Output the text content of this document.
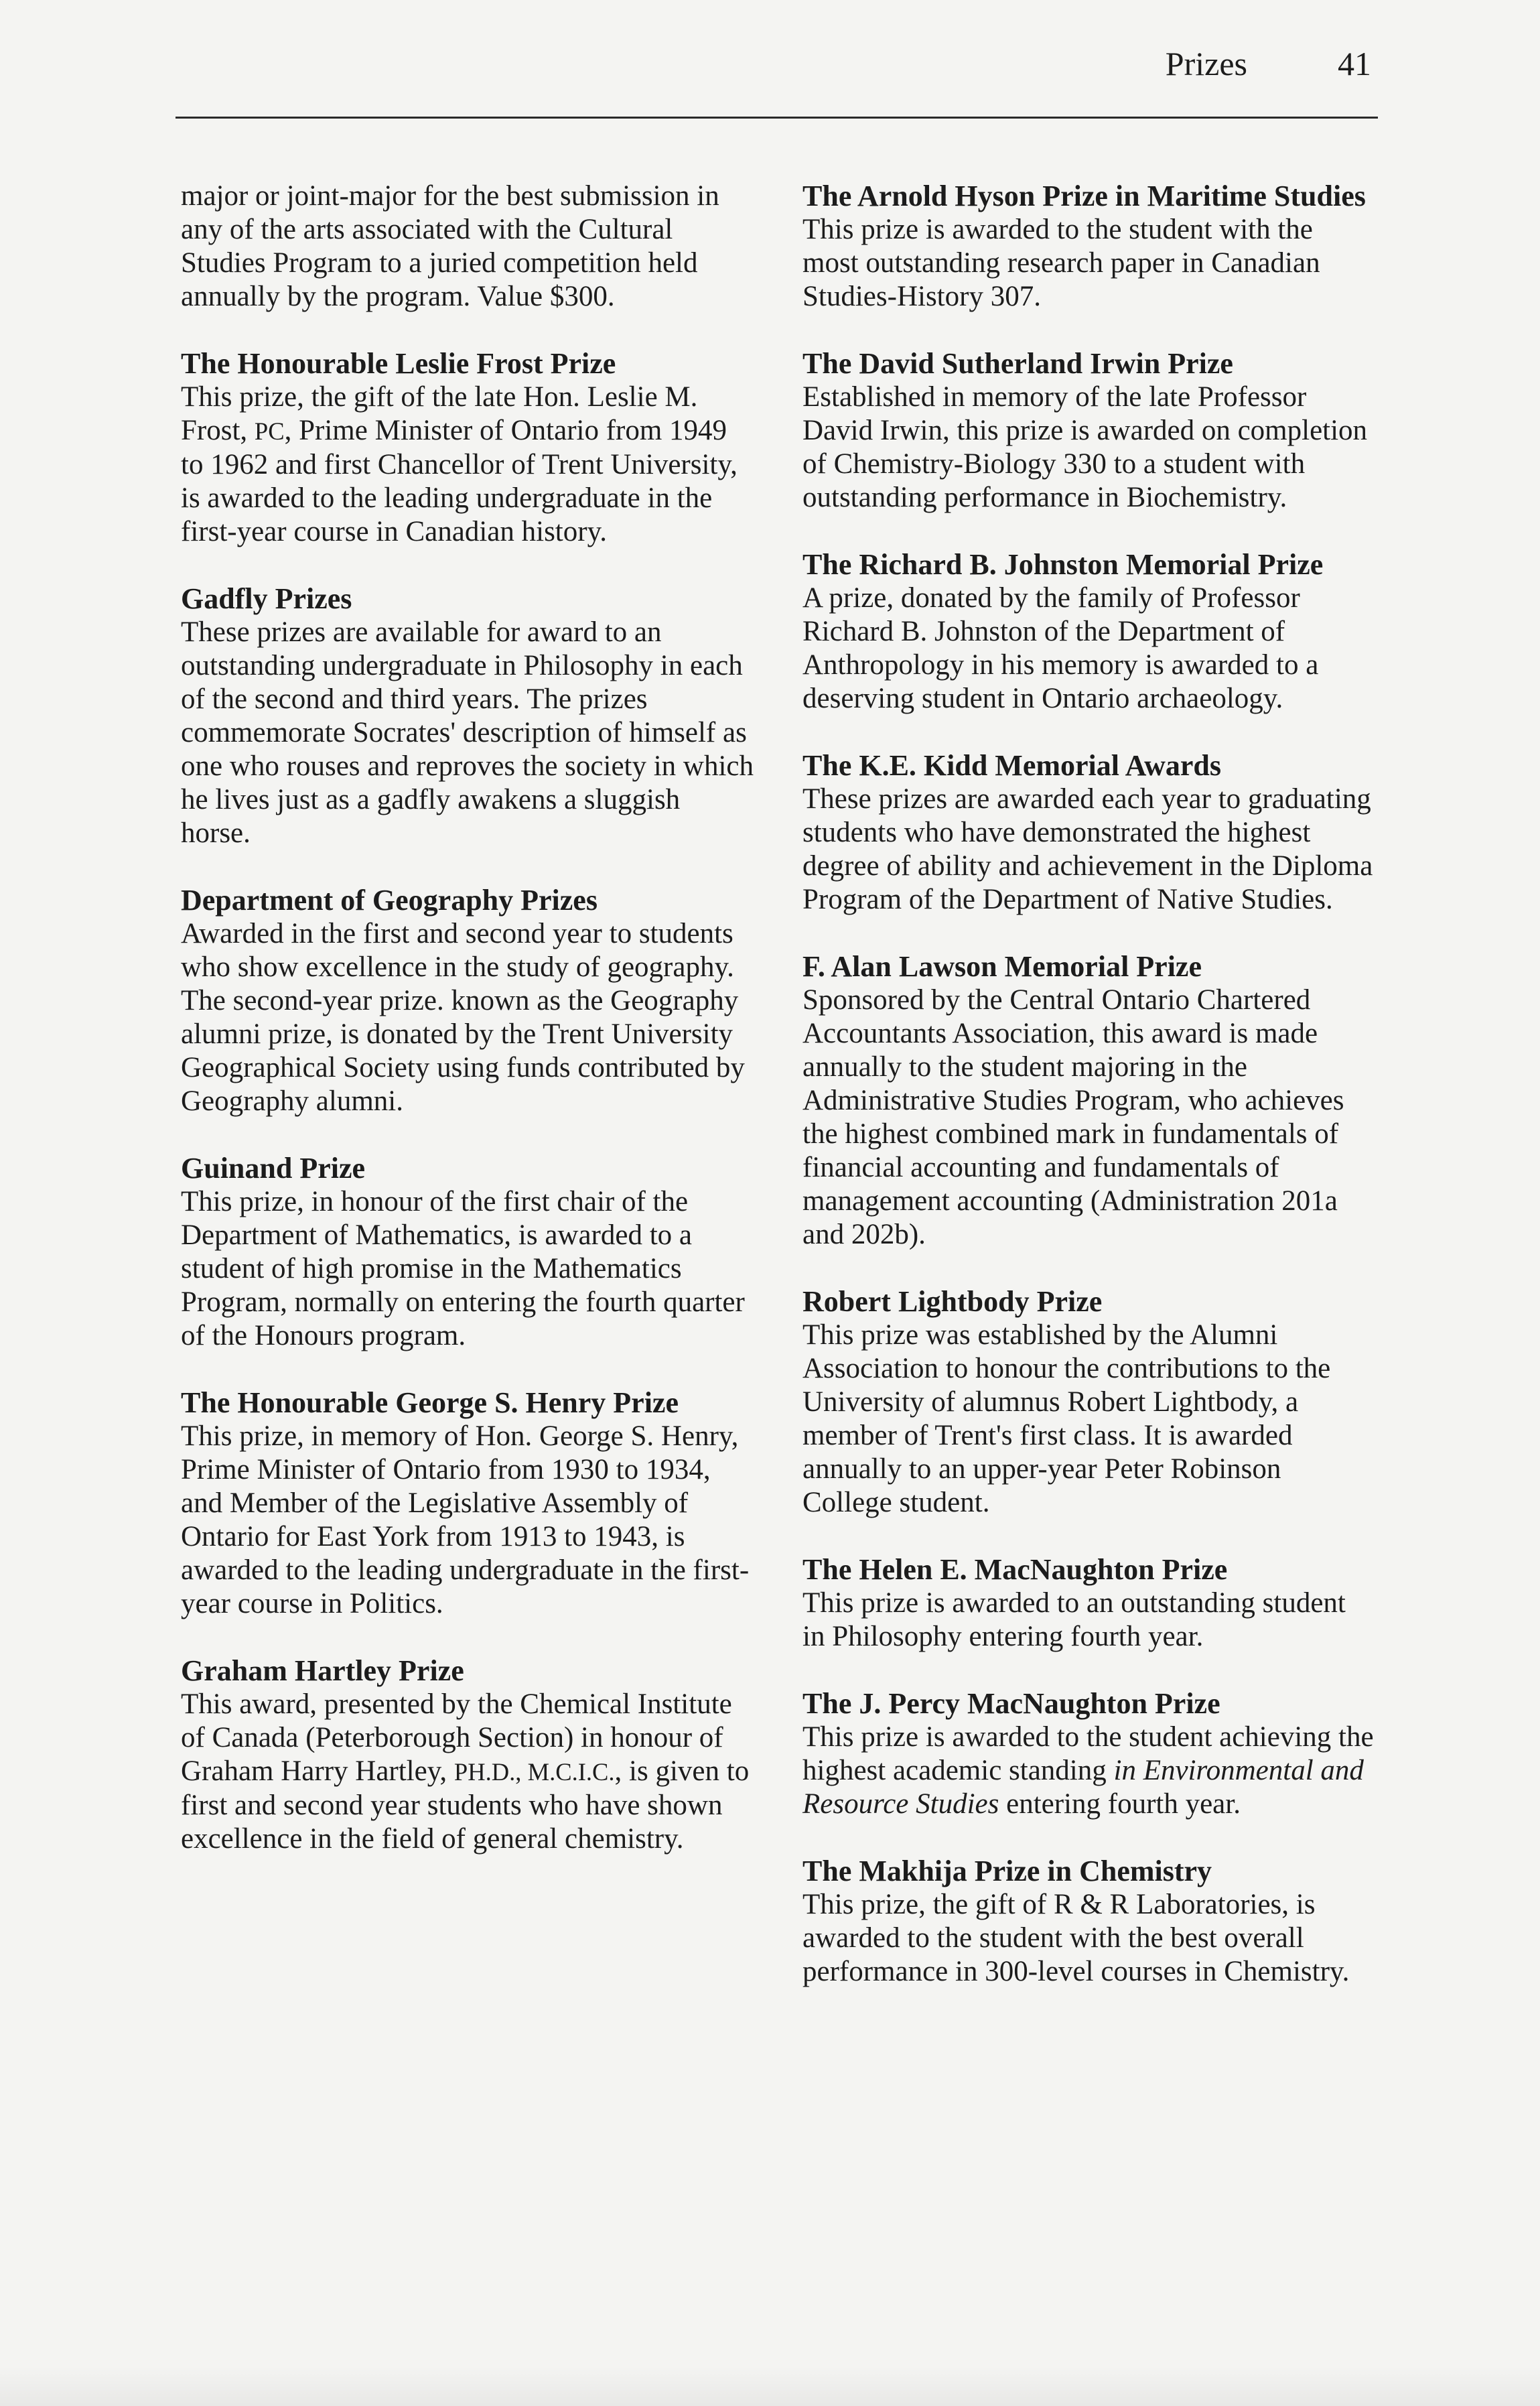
Prizes	41

major or joint-major for the best submission in any of the arts associated with the Cultural Studies Program to a juried competition held annually by the program. Value $300.

The Honourable Leslie Frost Prize

This prize, the gift of the late Hon. Leslie M. Frost, PC, Prime Minister of Ontario from 1949 to 1962 and first Chancellor of Trent University, is awarded to the leading undergraduate in the first-year course in Canadian history.

Gadfly Prizes

These prizes are available for award to an outstanding undergraduate in Philosophy in each of the second and third years. The prizes commemorate Socrates' description of himself as one who rouses and reproves the society in which he lives just as a gadfly awakens a sluggish horse.

Department of Geography Prizes

Awarded in the first and second year to students who show excellence in the study of geography. The second-year prize. known as the Geography alumni prize, is donated by the Trent University Geographical Society using funds contributed by Geography alumni.

Guinand Prize

This prize, in honour of the first chair of the Department of Mathematics, is awarded to a student of high promise in the Mathematics Program, normally on entering the fourth quarter of the Honours program.

The Honourable George S. Henry Prize

This prize, in memory of Hon. George S. Henry, Prime Minister of Ontario from 1930 to 1934, and Member of the Legislative Assembly of Ontario for East York from 1913 to 1943, is awarded to the leading undergraduate in the first-year course in Politics.

Graham Hartley Prize

This award, presented by the Chemical Institute of Canada (Peterborough Section) in honour of Graham Harry Hartley, PH.D., M.C.I.C., is given to first and second year students who have shown excellence in the field of general chemistry.

The Arnold Hyson Prize in Maritime Studies

This prize is awarded to the student with the most outstanding research paper in Canadian Studies-History 307.

The David Sutherland Irwin Prize

Established in memory of the late Professor David Irwin, this prize is awarded on completion of Chemistry-Biology 330 to a student with outstanding performance in Biochemistry.

The Richard B. Johnston Memorial Prize

A prize, donated by the family of Professor Richard B. Johnston of the Department of Anthropology in his memory is awarded to a deserving student in Ontario archaeology.

The K.E. Kidd Memorial Awards

These prizes are awarded each year to graduating students who have demonstrated the highest degree of ability and achievement in the Diploma Program of the Department of Native Studies.

F. Alan Lawson Memorial Prize

Sponsored by the Central Ontario Chartered Accountants Association, this award is made annually to the student majoring in the Administrative Studies Program, who achieves the highest combined mark in fundamentals of financial accounting and fundamentals of management accounting (Administration 201a and 202b).

Robert Lightbody Prize

This prize was established by the Alumni Association to honour the contributions to the University of alumnus Robert Lightbody, a member of Trent's first class. It is awarded annually to an upper-year Peter Robinson College student.

The Helen E. MacNaughton Prize

This prize is awarded to an outstanding student in Philosophy entering fourth year.

The J. Percy MacNaughton Prize

This prize is awarded to the student achieving the highest academic standing in Environmental and Resource Studies entering fourth year.

The Makhija Prize in Chemistry

This prize, the gift of R & R Laboratories, is awarded to the student with the best overall performance in 300-level courses in Chemistry.
